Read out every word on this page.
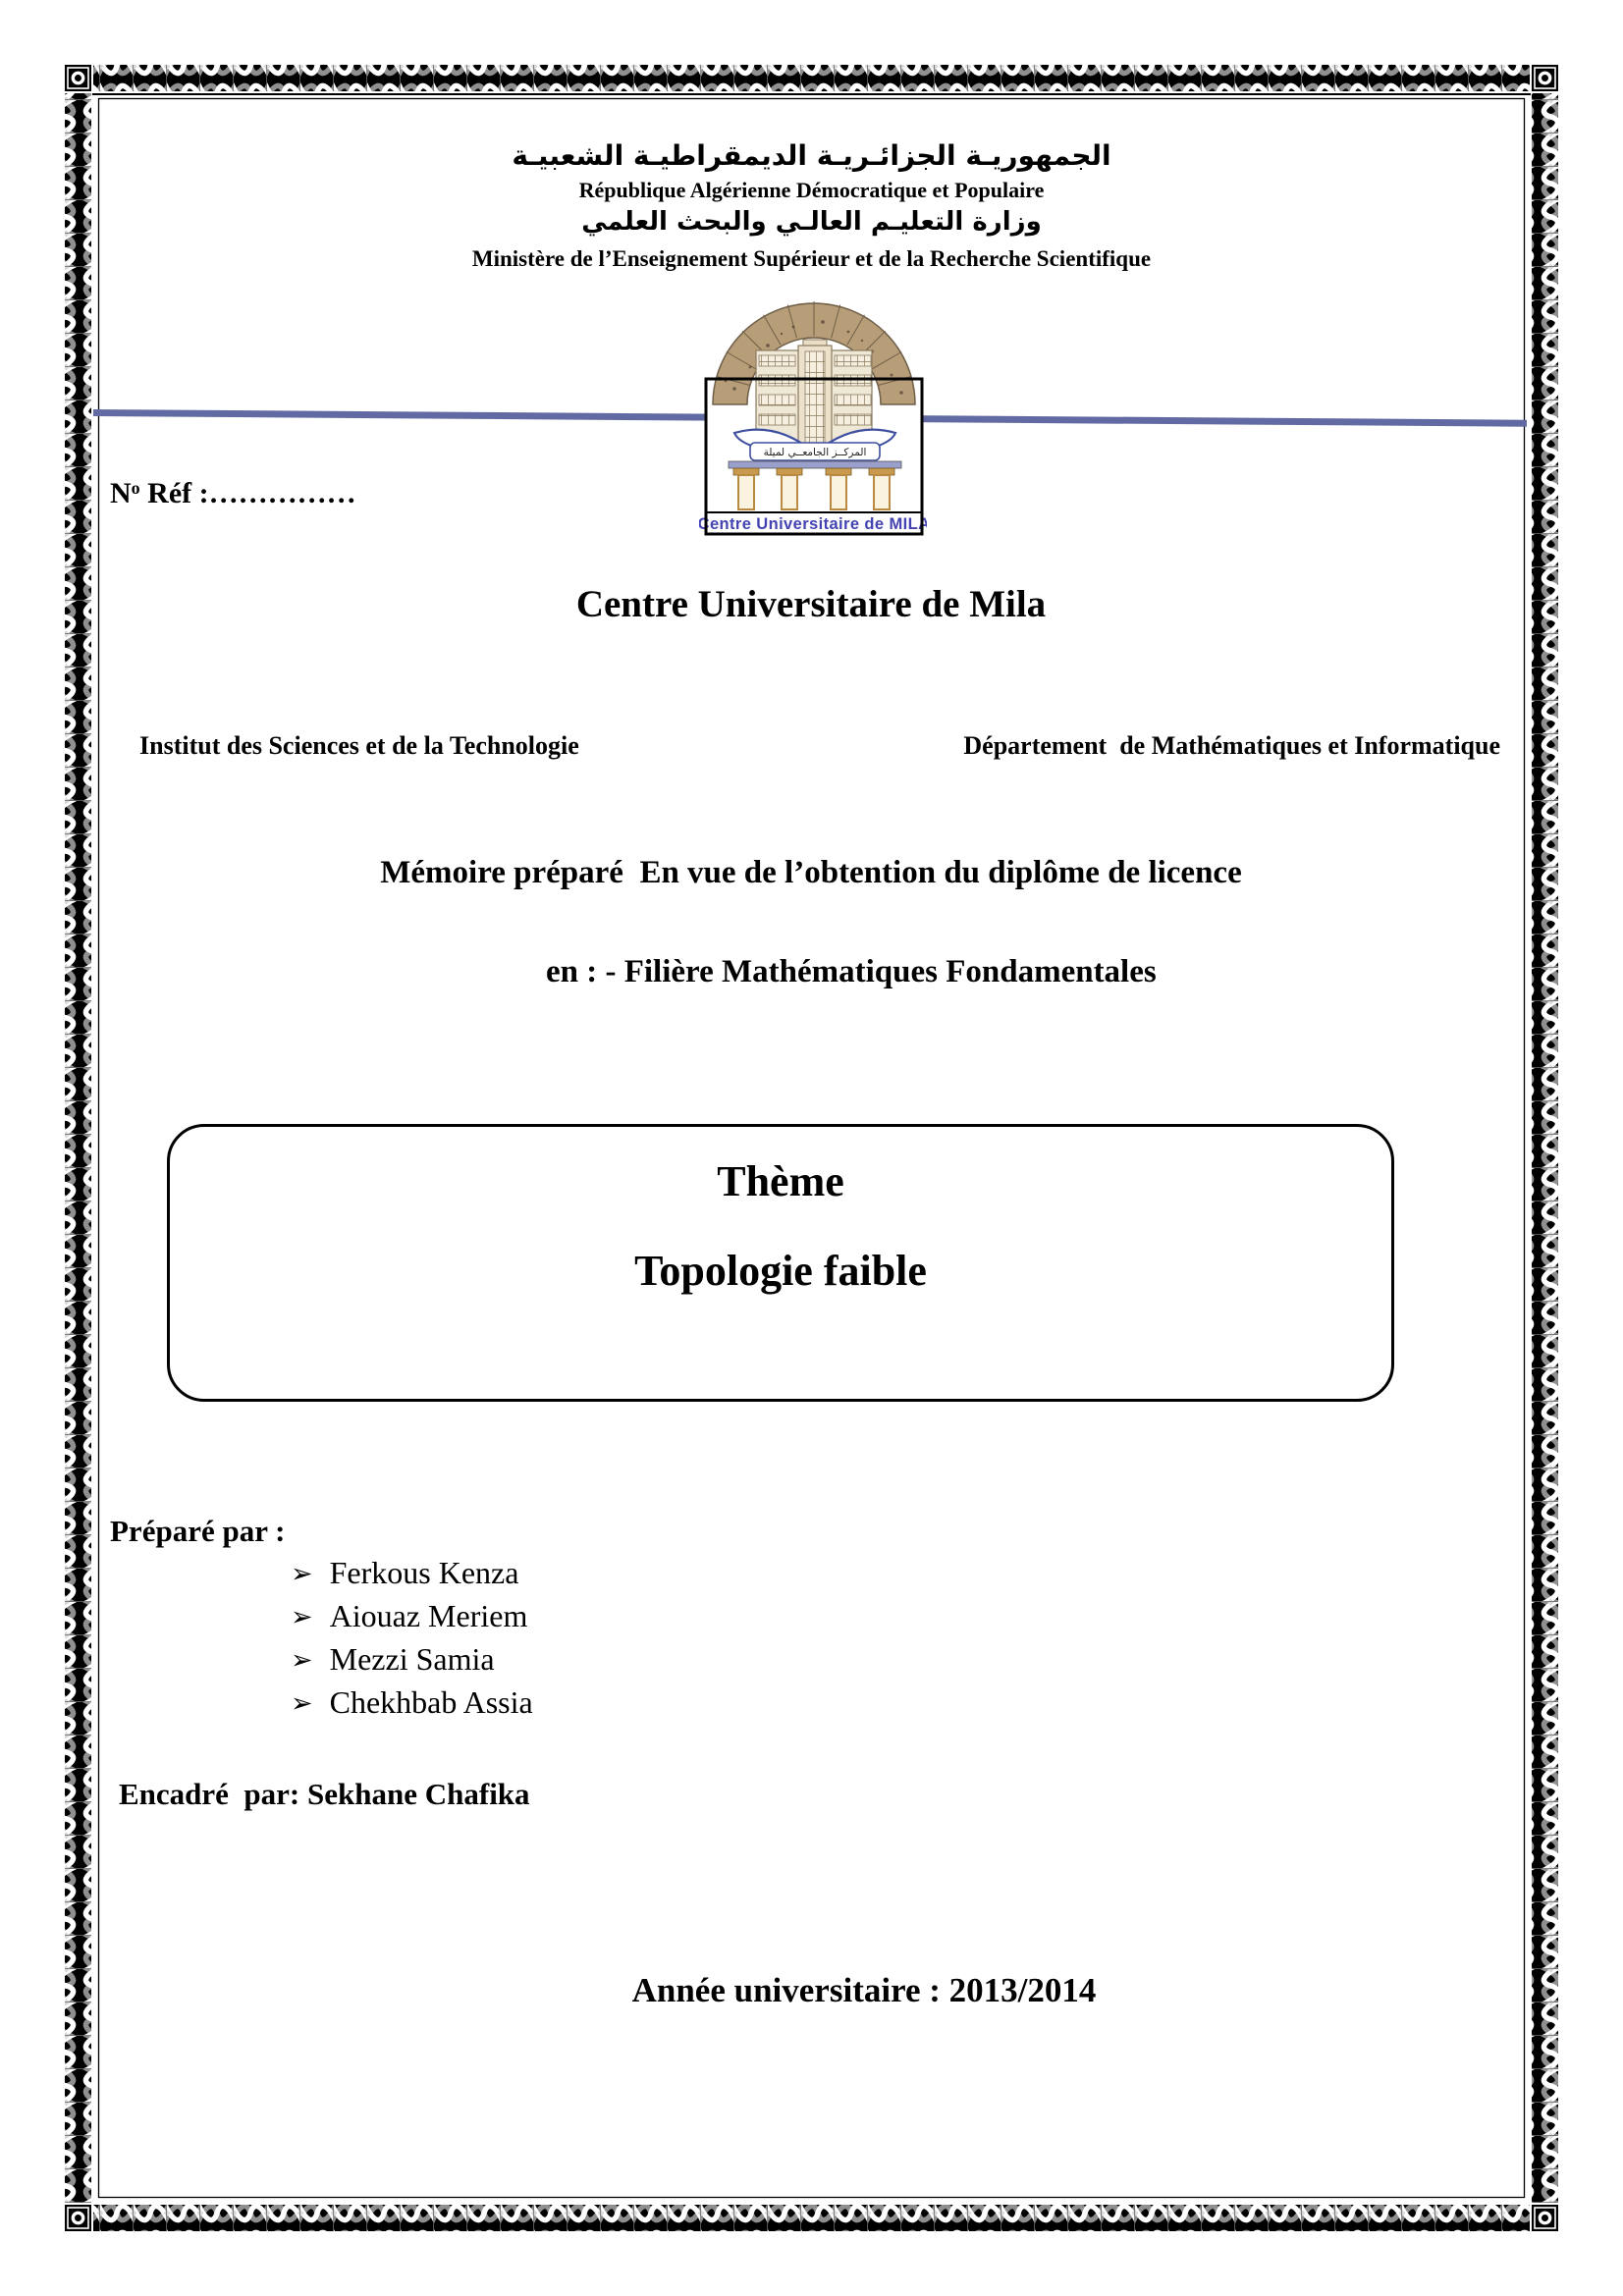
الجمهوريـة الجزائـريـة الديمقراطيـة الشعبيـة
République Algérienne Démocratique et Populaire
وزارة التعليـم العالـي والبحث العلمي
Ministère de l’Enseignement Supérieur et de la Recherche Scientifique
المركــز الجامعــي لميلة
Centre Universitaire de MILA
No Réf :……………
Centre Universitaire de Mila
Institut des Sciences et de la Technologie	Département  de Mathématiques et Informatique
Mémoire préparé  En vue de l’obtention du diplôme de licence
en : - Filière Mathématiques Fondamentales
Thème
Topologie faible
Préparé par :
➢ Ferkous Kenza
➢ Aiouaz Meriem
➢ Mezzi Samia
➢ Chekhbab Assia
Encadré  par: Sekhane Chafika
Année universitaire : 2013/2014
